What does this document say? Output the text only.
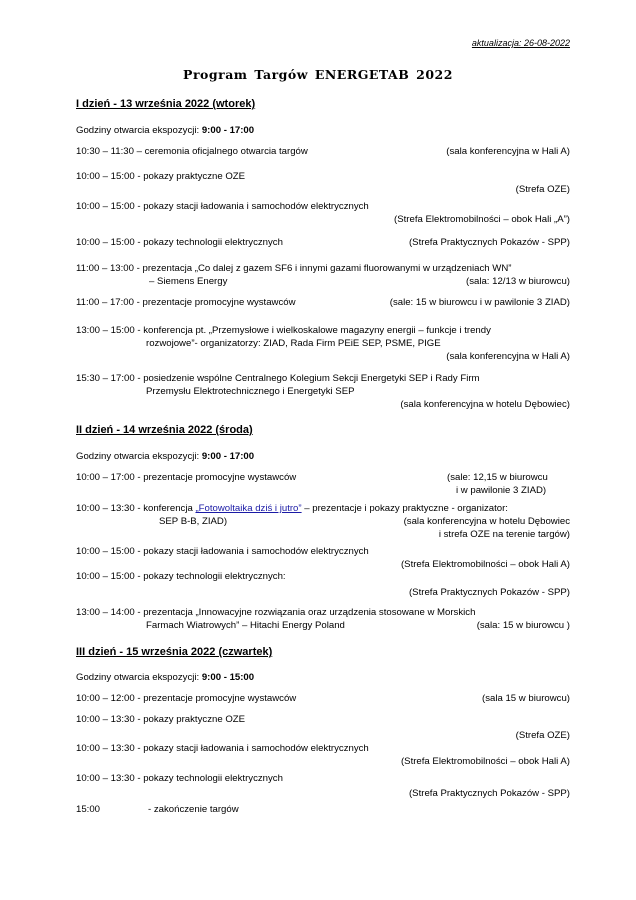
aktualizacja: 26-08-2022
Program Targów ENERGETAB 2022
I dzień - 13 września 2022 (wtorek)
Godziny otwarcia ekspozycji: 9:00 - 17:00
10:30 – 11:30 – ceremonia oficjalnego otwarcia targów	(sala konferencyjna w Hali A)
10:00 – 15:00 - pokazy praktyczne OZE
(Strefa OZE)
10:00 – 15:00 - pokazy stacji ładowania i samochodów elektrycznych
(Strefa Elektromobilności – obok Hali „A”)
10:00 – 15:00 - pokazy technologii elektrycznych	(Strefa Praktycznych Pokazów - SPP)
11:00 – 13:00 - prezentacja „Co dalej z gazem SF6 i innymi gazami fluorowanymi w urządzeniach WN”
– Siemens Energy	(sala: 12/13 w biurowcu)
11:00 – 17:00 - prezentacje promocyjne wystawców	(sale: 15 w biurowcu i w pawilonie 3 ZIAD)
13:00 – 15:00 - konferencja pt. „Przemysłowe i wielkoskalowe magazyny energii – funkcje i trendy
rozwojowe”- organizatorzy: ZIAD, Rada Firm PEiE SEP, PSME, PIGE
(sala konferencyjna w Hali A)
15:30 – 17:00 - posiedzenie wspólne Centralnego Kolegium Sekcji Energetyki SEP i Rady Firm
Przemysłu Elektrotechnicznego i Energetyki SEP
(sala konferencyjna w hotelu Dębowiec)
II dzień - 14 września 2022 (środa)
Godziny otwarcia ekspozycji: 9:00 - 17:00
10:00 – 17:00 - prezentacje promocyjne wystawców	(sale: 12,15 w biurowcu
i w pawilonie 3 ZIAD)
10:00 – 13:30 - konferencja „Fotowoltaika dziś i jutro” – prezentacje i pokazy praktyczne - organizator:
SEP B-B, ZIAD)	(sala konferencyjna w hotelu Dębowiec
i strefa OZE na terenie targów)
10:00 – 15:00 - pokazy stacji ładowania i samochodów elektrycznych
(Strefa Elektromobilności – obok Hali A)
10:00 – 15:00 - pokazy technologii elektrycznych:
(Strefa Praktycznych Pokazów - SPP)
13:00 – 14:00 - prezentacja „Innowacyjne rozwiązania oraz urządzenia stosowane w Morskich
Farmach Wiatrowych” – Hitachi Energy Poland	(sala: 15 w biurowcu )
III dzień - 15 września 2022 (czwartek)
Godziny otwarcia ekspozycji: 9:00 - 15:00
10:00 – 12:00 - prezentacje promocyjne wystawców	(sala 15 w biurowcu)
10:00 – 13:30 - pokazy praktyczne OZE
(Strefa OZE)
10:00 – 13:30 - pokazy stacji ładowania i samochodów elektrycznych
(Strefa Elektromobilności – obok Hali A)
10:00 – 13:30 - pokazy technologii elektrycznych
(Strefa Praktycznych Pokazów - SPP)
15:00	- zakończenie targów
